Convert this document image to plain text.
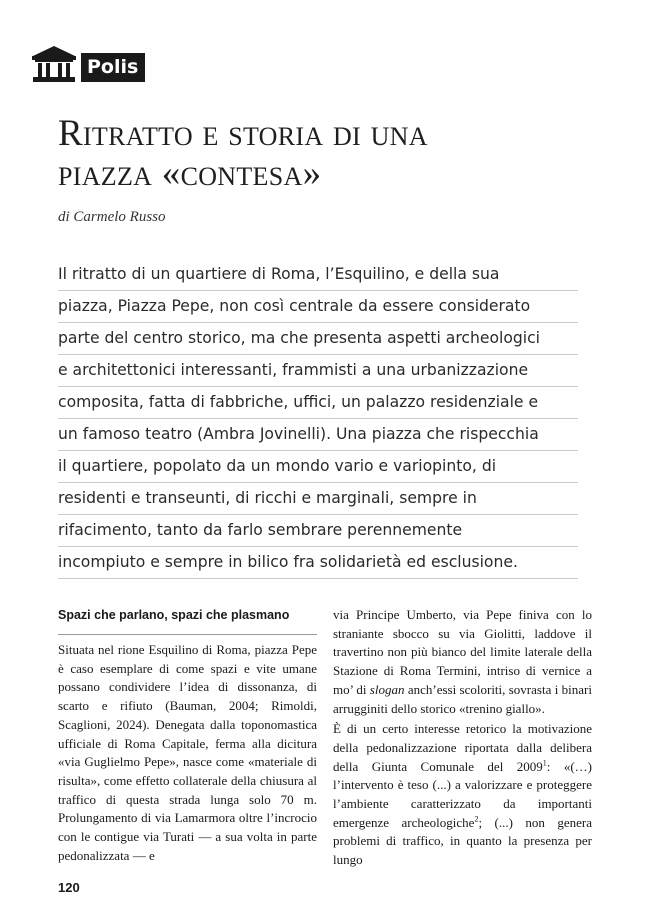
Polis
Ritratto e storia di una
piazza «contesa»
di Carmelo Russo
Il ritratto di un quartiere di Roma, l’Esquilino, e della sua
piazza, Piazza Pepe, non così centrale da essere considerato
parte del centro storico, ma che presenta aspetti archeologici
e architettonici interessanti, frammisti a una urbanizzazione
composita, fatta di fabbriche, uffici, un palazzo residenziale e
un famoso teatro (Ambra Jovinelli). Una piazza che rispecchia
il quartiere, popolato da un mondo vario e variopinto, di
residenti e transeunti, di ricchi e marginali, sempre in
rifacimento, tanto da farlo sembrare perennemente
incompiuto e sempre in bilico fra solidarietà ed esclusione.
Spazi che parlano, spazi che plasmano

Situata nel rione Esquilino di Roma, piazza Pepe è caso esemplare di come spazi e vite umane possano condividere l’idea di dissonanza, di scarto e rifiuto (Bauman, 2004; Rimoldi, Scaglioni, 2024). Denegata dalla toponomastica ufficiale di Roma Capitale, ferma alla dicitura «via Guglielmo Pepe», nasce come «materiale di risulta», come effetto collaterale della chiusura al traffico di questa strada lunga solo 70 m. Prolungamento di via Lamarmora oltre l’incrocio con le contigue via Turati — a sua volta in parte pedonalizzata — e

via Principe Umberto, via Pepe finiva con lo straniante sbocco su via Giolitti, laddove il travertino non più bianco del limite laterale della Stazione di Roma Termini, intriso di vernice a mo’ di slogan anch’essi scoloriti, sovrasta i binari arrugginiti dello storico «trenino giallo».

È di un certo interesse retorico la motivazione della pedonalizzazione riportata dalla delibera della Giunta Comunale del 2009$^1$: «(…) l’intervento è teso (...) a valorizzare e proteggere l’ambiente caratterizzato da importanti emergenze archeologiche$^2$; (...) non genera problemi di traffico, in quanto la presenza per lungo

120
